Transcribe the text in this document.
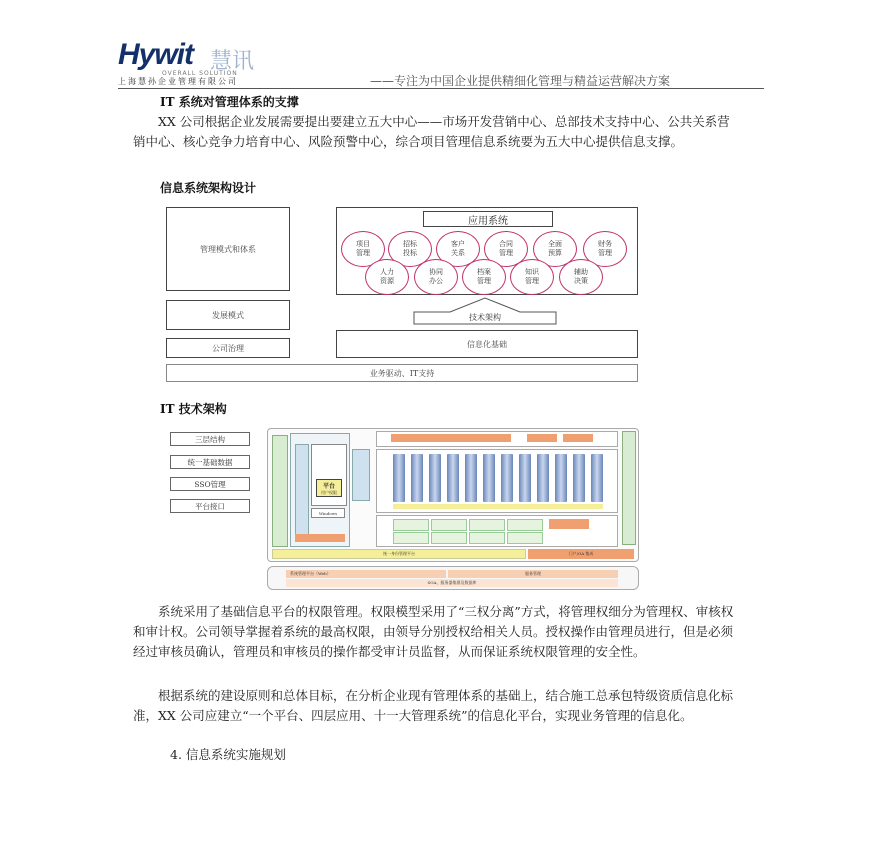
Hywit 慧讯
OVERALL SOLUTION
上海慧孙企业管理有限公司	——专注为中国企业提供精细化管理与精益运营解决方案
IT 系统对管理体系的支撑
XX 公司根据企业发展需要提出要建立五大中心——市场开发营销中心、总部技术支持中心、公共关系营销中心、核心竞争力培育中心、风险预警中心，综合项目管理信息系统要为五大中心提供信息支撑。
信息系统架构设计
管理模式和体系
发展模式
公司治理
应用系统
项目
管理
招标
投标
客户
关系
合同
管理
全面
预算
财务
管理
人力
资源
协同
办公
档案
管理
知识
管理
辅助
决策
技术架构
信息化基础
业务驱动、IT支持
IT 技术架构
三层结构
统一基础数据
SSO管理
平台接口
平台
用户权限
Windows
统一身份管理平台	门户/OA 集成
系统管理平台（Web）	服务管理
SOA、服务器集群及数据库
系统采用了基础信息平台的权限管理。权限模型采用了“三权分离”方式，将管理权细分为管理权、审核权和审计权。公司领导掌握着系统的最高权限，由领导分别授权给相关人员。授权操作由管理员进行，但是必须经过审核员确认，管理员和审核员的操作都受审计员监督，从而保证系统权限管理的安全性。
根据系统的建设原则和总体目标，在分析企业现有管理体系的基础上，结合施工总承包特级资质信息化标准，XX 公司应建立“一个平台、四层应用、十一大管理系统”的信息化平台，实现业务管理的信息化。
4. 信息系统实施规划
